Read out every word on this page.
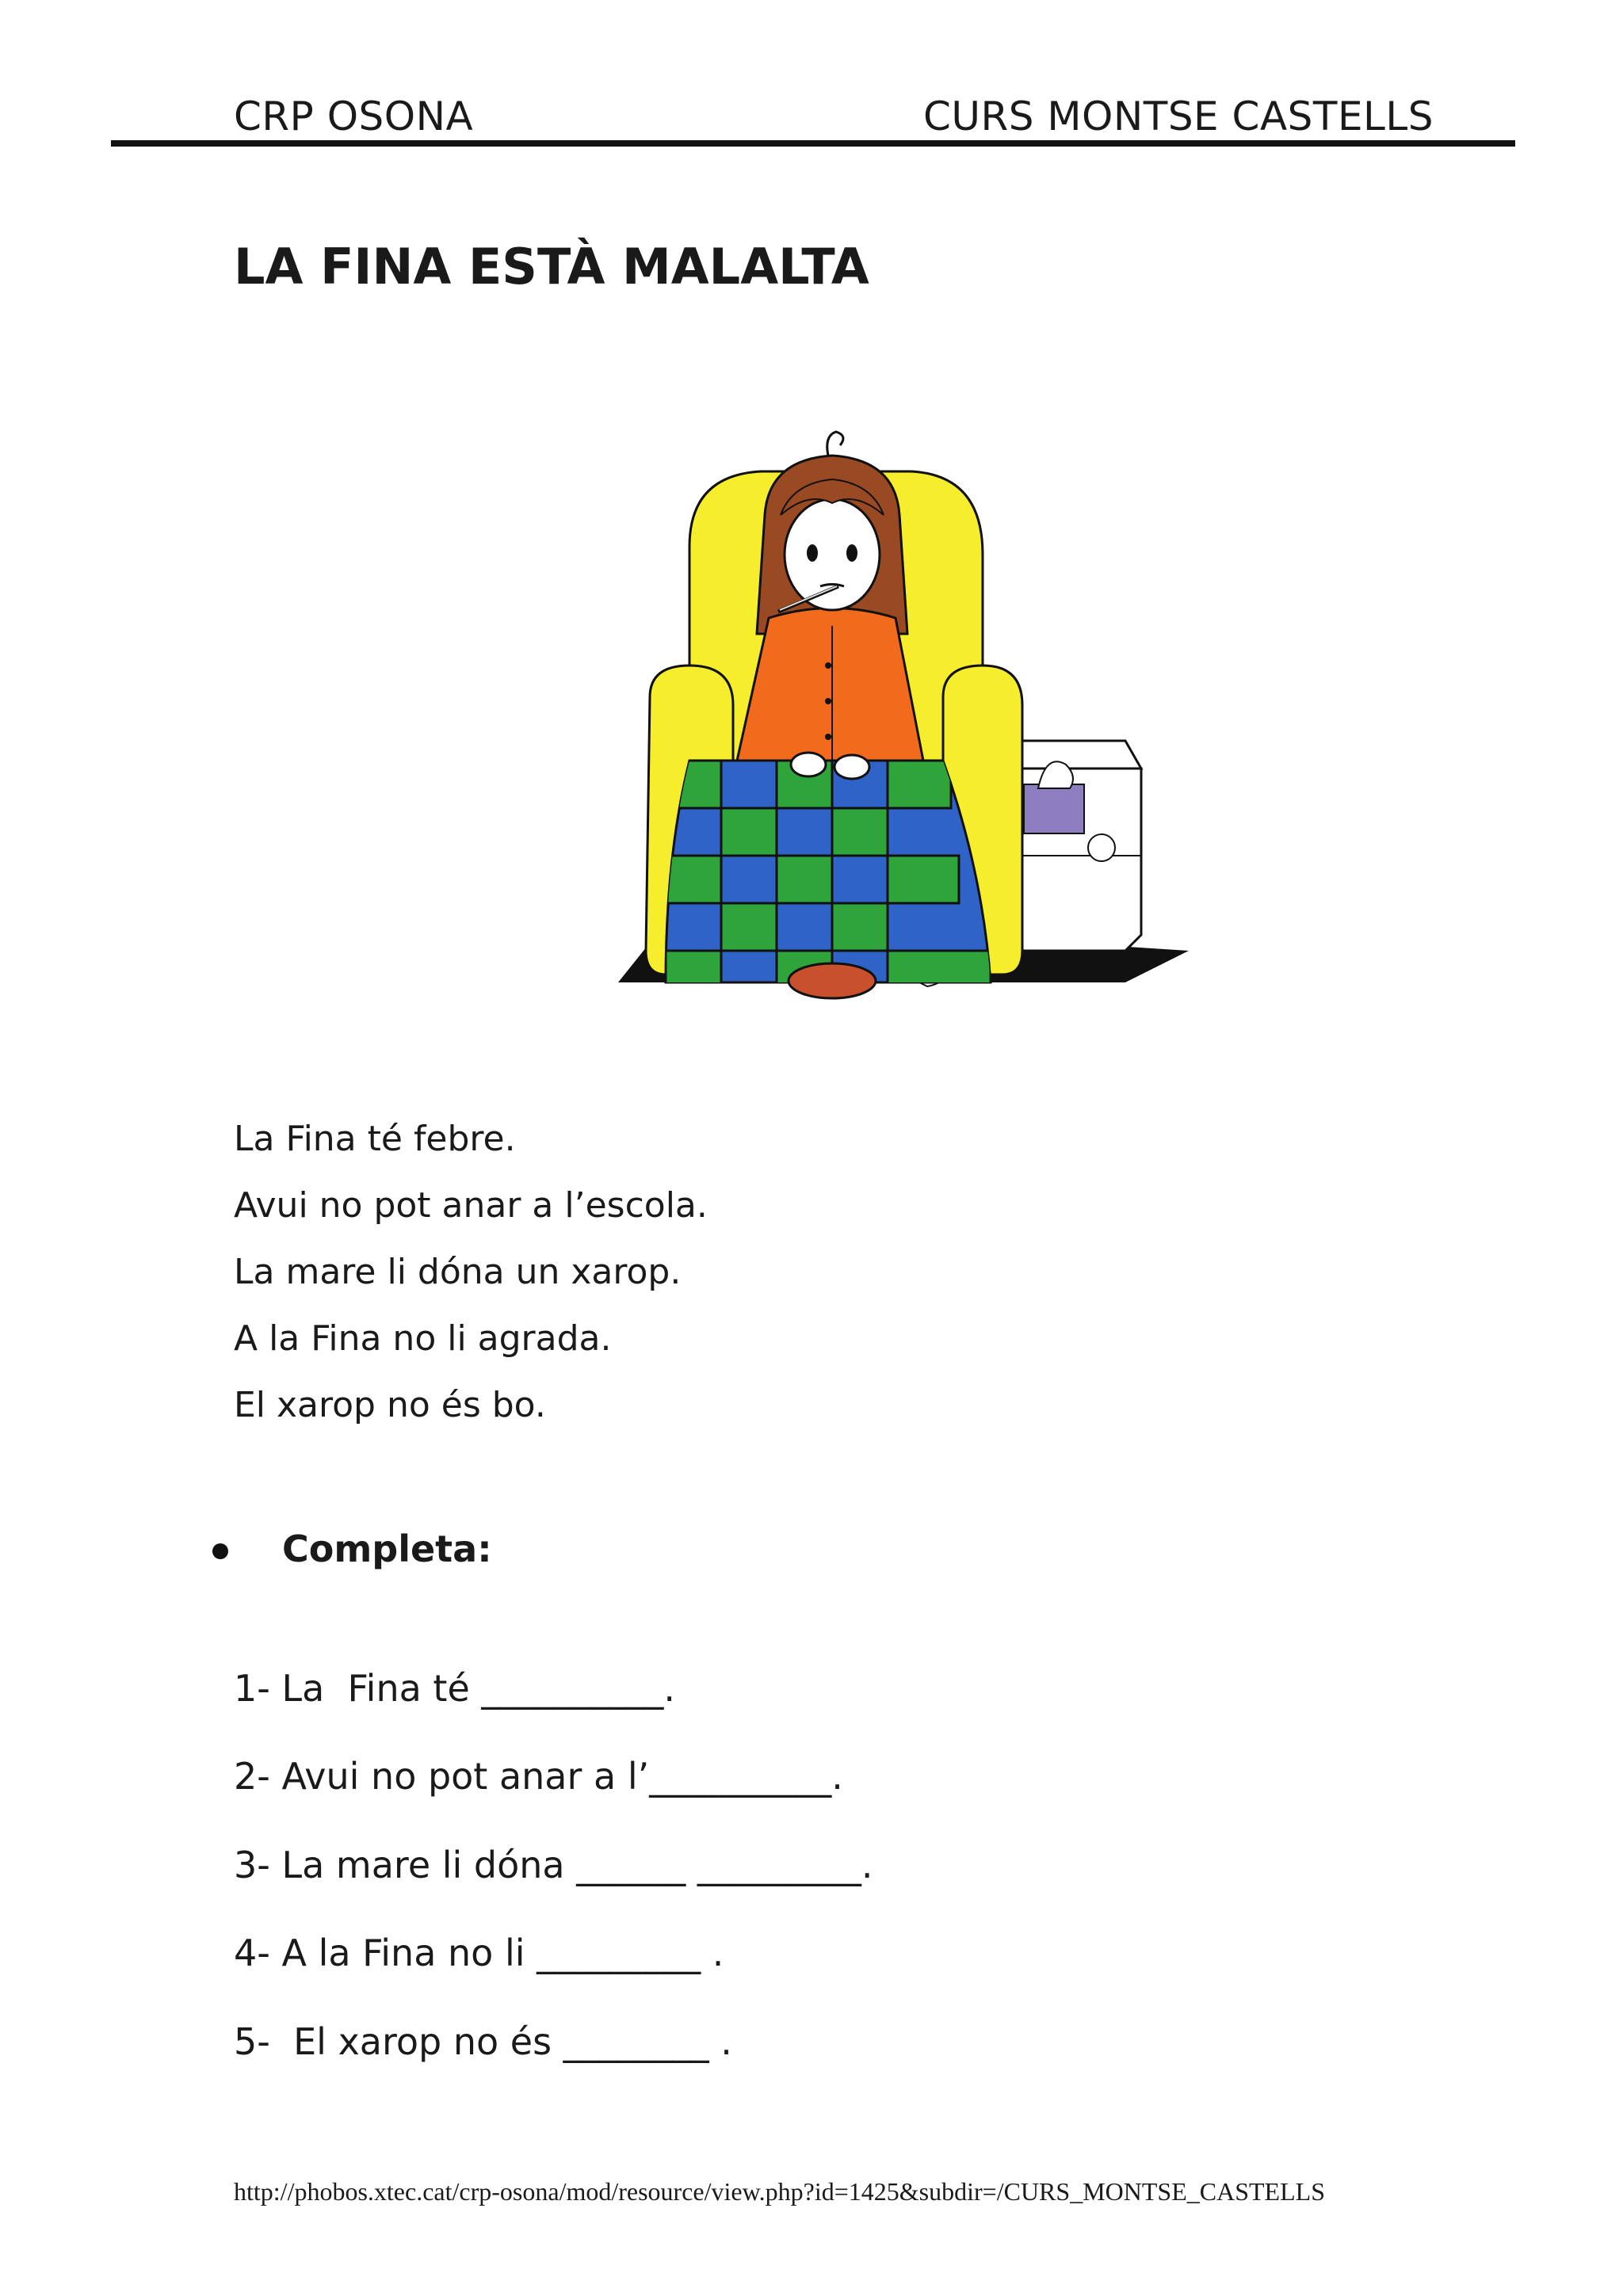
CRP OSONA	CURS MONTSE CASTELLS
LA FINA ESTÀ MALALTA
CAROL
La Fina té febre.
Avui no pot anar a l’escola.
La mare li dóna un xarop.
A la Fina no li agrada.
El xarop no és bo.
Completa:
1- La  Fina té __________.
2- Avui no pot anar a l’__________.
3- La mare li dóna ______ _________.
4- A la Fina no li _________ .
5-  El xarop no és ________ .
http://phobos.xtec.cat/crp-osona/mod/resource/view.php?id=1425&subdir=/CURS_MONTSE_CASTELLS
